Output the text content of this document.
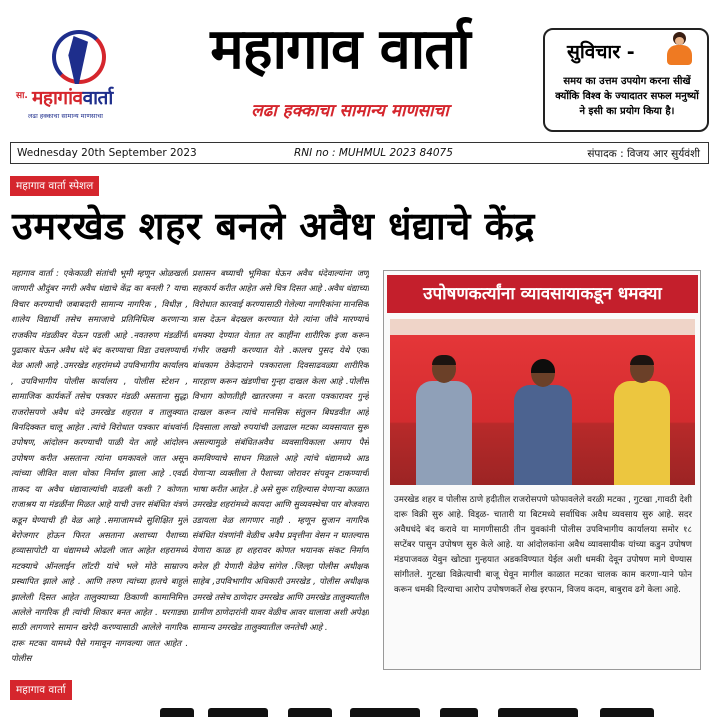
सा. महागांववार्ता
लढा हक्काचा सामान्य माणसाचा
महागाव वार्ता
लढा हक्काचा सामान्य माणसाचा
सुविचार -
समय का उत्तम उपयोग करना सीखें क्योंकि विश्व के ज्यादातर सफल मनुष्यों ने इसी का प्रयोग किया है।
Wednesday 20th September 2023	RNI no : MUHMUL 2023 84075	संपादक : विजय आर सुर्यवंशी
महागाव वार्ता स्पेशल
उमरखेड शहर बनले अवैध धंद्याचे केंद्र
महागाव वार्ता : एकेकाळी संतांची भूमी म्हणून ओळखली जाणारी औदुंबर नगरी अवैध धंद्याचे केंद्र का बनली ? याचा विचार करण्याची जबाबदारी सामान्य नागरिक , विधीज्ञ , शालेय विद्यार्थी तसेच समाजाचे प्रतिनिधित्व करणाऱ्या राजकीय मंडळीवर येऊन पडली आहे .नवतरुण मंडळींनी पुढाकार घेऊन अवैध धंदे बंद करण्याचा विडा उचलण्याची वेळ आली आहे .उमरखेड शहरांमध्ये उपविभागीय कार्यालय , उपविभागीय पोलीस कार्यालय , पोलीस स्टेशन , सामाजिक कार्यकर्ते तसेच पत्रकार मंडळी असताना सुद्धा राजरोसपणे अवैध धंदे उमरखेड शहरात व तालुक्यात बिनदिक्कत चालू आहेत .त्यांचे विरोधात पत्रकार बांधवांनी उपोषण, आंदोलन करण्याची पाळी येत आहे आंदोलन उपोषण करीत असताना त्यांना धमकावले जात असून त्यांच्या जीवित वाला धोका निर्माण झाला आहे .एवढी ताकद या अवैध धंद्यावाल्यांची वाढली कशी ? कोणता राजाश्रय या मंडळींना मिळत आहे याची उत्तर संबंधित यंत्रणे कडून घेण्याची ही वेळ आहे .समाजामध्ये सुशिक्षित मुले बेरोजगार होऊन फिरत असताना अशाच्या पैशाच्या हव्यासापोटी या धंद्यामध्ये ओढली जात आहेत शहरामध्ये मटक्याचे ऑनलाईन लॉटरी यांचे भले मोठे साम्राज्य प्रस्थापित झाले आहे . आणि तरुण त्यांच्या हातचे बाहुले झालेली दिसत आहेत तालुक्याच्या ठिकाणी कामानिमित्त आलेले नागरिक ही त्यांची शिकार बनत आहेत . घरगाड्या साठी लागणारे सामान खरेदी करण्यासाठी आलेले नागरिक दारू मटका यामध्ये पैसे गमावून नागवल्या जात आहेत . पोलीस
प्रशासन बघ्याची भूमिका घेऊन अवैध धंदेवाल्यांना जणू सहकार्य करीत आहेत असे चित्र दिसत आहे .अवैध धंद्याच्या विरोधात कारवाई करण्यासाठी गेलेल्या नागरिकांना मानसिक त्रास देऊन बेदखल करण्यात येते त्यांना जीवे मारण्याचे धमक्या देण्यात येतात तर काहींना शारीरिक इजा करून गंभीर जखमी करण्यात येते .कालच पुसद येथे एका बांधकाम ठेकेदाराने पत्रकाराला दिवसाढवळ्या शारीरिक मारहाण करून खंडणीचा गुन्हा दाखल केला आहे .पोलीस विभाग कोणतीही खातरजमा न करता पत्रकारावर गुन्हे दाखल करून त्यांचे मानसिक संतुलन बिघडवीत आहे दिवसाला लाखो रुपयांची उलाढाल मटका व्यवसायात सुरू असल्यामुळे संबंधितअवैध व्यवसायिकाला अमाप पैसे कमविण्याचे साधन मिळाले आहे त्यांचे धंद्यामध्ये आड येणाऱ्या व्यक्तीला ते पैशाच्या जोरावर संपवून टाकण्याची भाषा करीत आहेत .हे असे सुरू राहिल्यास येणाऱ्या काळात उमरखेड शहरांमध्ये कायदा आणि सुव्यवस्थेचा पार बोजवारा उडायला वेळ लागणार नाही . म्हणून सुजान नागरिक संबंधित यंत्रणांनी वेळीच अवैध प्रवृत्तीना वेसन न घातल्यास येणारा काळ हा शहरावर कोणत भयानक संकट निर्माण करेल ही येणारी वेळेच सांगेल .जिल्हा पोलीस अधीक्षक साहेब ,उपविभागीय अधिकारी उमरखेड , पोलीस अधीक्षक उमरखे तसेच ठाणेदार उमरखेड आणि उमरखेड तालुक्यातील ग्रामीण ठाणेदारांनी यावर वेळीच आवर घालावा अशी अपेक्षा सामान्य उमरखेड तालुक्यातील जनतेची आहे .
उपोषणकर्त्यांना व्यावसायाकडून धमक्या
उमरखेड शहर व पोलीस ठाणे हदीतील राजरोसपणे फोफावलेले वरळी मटका , गुटखा ,गावठी देशी दारू विक्री सुरु आहे. विड्ळ- चातारी या बिटमध्ये सर्वाधिक अवैध व्यवसाय सुरु आहे. सदर अवैधधंदे बंद करावे या मागणीसाठी तीन युवकांनी पोलीस उपविभागीय कार्यालया समोर १८ सप्टेंबर पासुन उपोषण सुरु केले आहे. या आंदोलकांना अवैध व्यावसायीक यांच्या कडुन उपोषण मंडपाजवळ येवुन खोट्या गुन्हयात अडकविण्यात येईल अशी धमकी देवून उपोषण मागे घेण्यास सांगीतले. गुटखा विक्रेत्याची बाजू घेवून मागील काळात मटका चालक काम करणा-याने फोन करून धमकी दिल्याचा आरोप उपोषणकर्ते शेख इरफान, विजय कदम, बाबुराव ढगे केला आहे.
महागाव वार्ता
